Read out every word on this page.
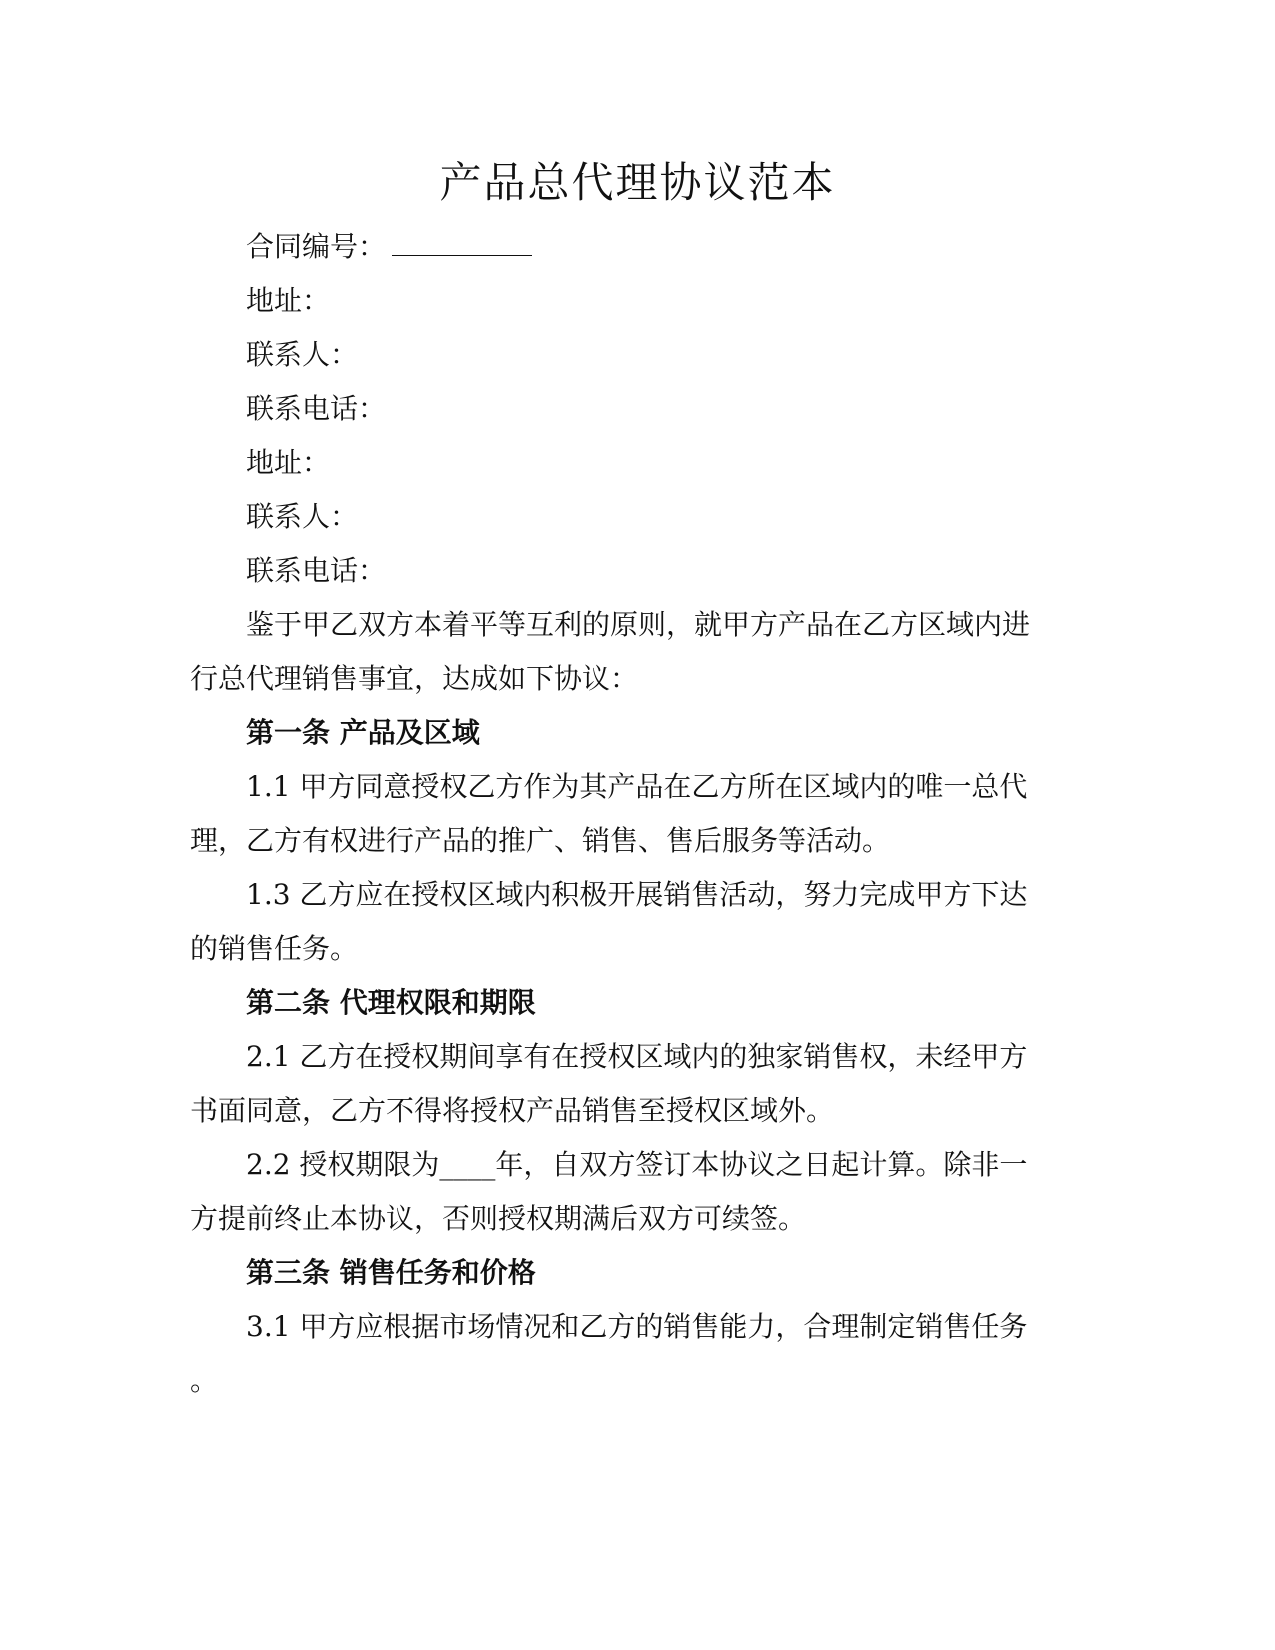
产品总代理协议范本
合同编号：
地址：
联系人：
联系电话：
地址：
联系人：
联系电话：
鉴于甲乙双方本着平等互利的原则，就甲方产品在乙方区域内进
行总代理销售事宜，达成如下协议：
第一条 产品及区域
1.1 甲方同意授权乙方作为其产品在乙方所在区域内的唯一总代
理，乙方有权进行产品的推广、销售、售后服务等活动。
1.3 乙方应在授权区域内积极开展销售活动，努力完成甲方下达
的销售任务。
第二条 代理权限和期限
2.1 乙方在授权期间享有在授权区域内的独家销售权，未经甲方
书面同意，乙方不得将授权产品销售至授权区域外。
2.2 授权期限为____年，自双方签订本协议之日起计算。除非一
方提前终止本协议，否则授权期满后双方可续签。
第三条 销售任务和价格
3.1 甲方应根据市场情况和乙方的销售能力，合理制定销售任务
。
